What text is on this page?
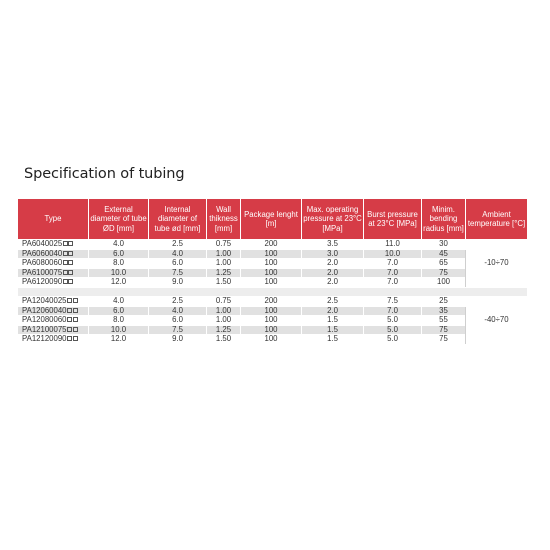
Specification of tubing
Type	External diameter of tube ØD [mm]	Internal diameter of tube ød [mm]	Wall thikness [mm]	Package lenght [m]	Max. operating pressure at 23°C [MPa]	Burst pressure at 23°C [MPa]	Minim. bending radius [mm]	Ambient temperature [°C]
PA6040025	4.0	2.5	0.75	200	3.5	11.0	30	-10÷70
PA6060040	6.0	4.0	1.00	100	3.0	10.0	45	
PA6080060	8.0	6.0	1.00	100	2.0	7.0	65	
PA6100075	10.0	7.5	1.25	100	2.0	7.0	75	
PA6120090	12.0	9.0	1.50	100	2.0	7.0	100	

PA12040025	4.0	2.5	0.75	200	2.5	7.5	25	-40÷70
PA12060040	6.0	4.0	1.00	100	2.0	7.0	35	
PA12080060	8.0	6.0	1.00	100	1.5	5.0	55	
PA12100075	10.0	7.5	1.25	100	1.5	5.0	75	
PA12120090	12.0	9.0	1.50	100	1.5	5.0	75	
